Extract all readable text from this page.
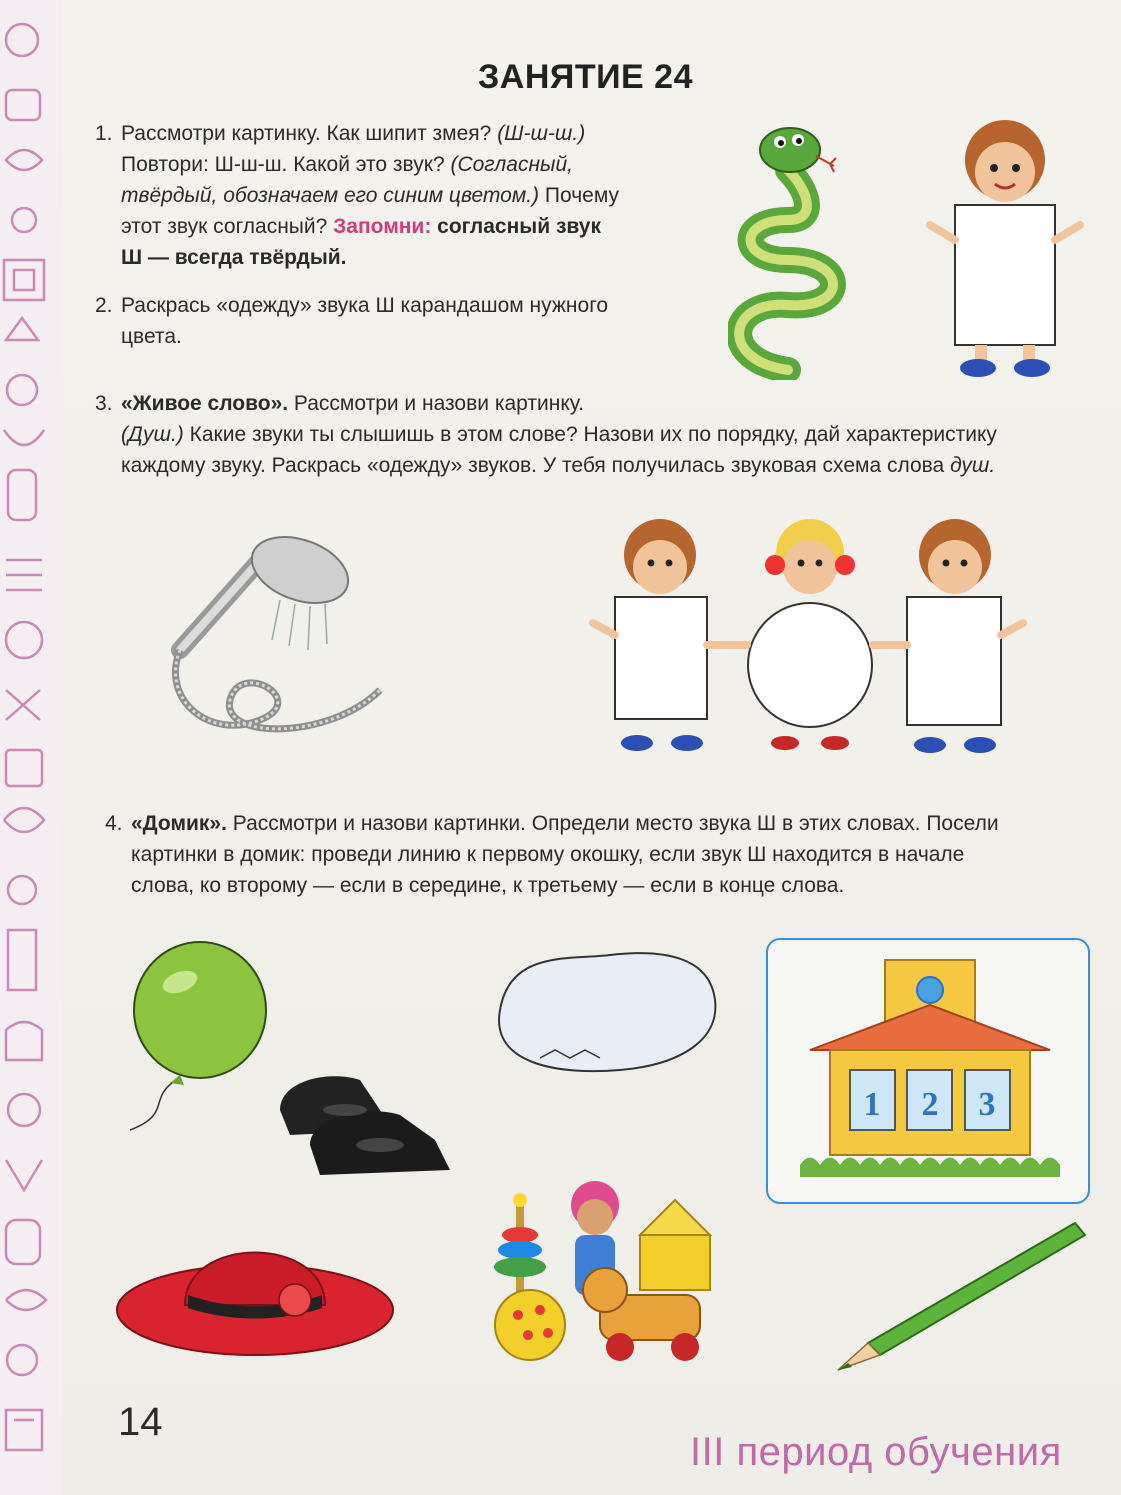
ЗАНЯТИЕ 24
1. Рассмотри картинку. Как шипит змея? (Ш-ш-ш.)
Повтори: Ш-ш-ш. Какой это звук? (Согласный,
твёрдый, обозначаем его синим цветом.) Почему
этот звук согласный? Запомни: согласный звук
Ш — всегда твёрдый.
2. Раскрась «одежду» звука Ш карандашом нужного
цвета.
3. «Живое слово». Рассмотри и назови картинку.
(Душ.) Какие звуки ты слышишь в этом слове? Назови их по порядку, дай характеристику
каждому звуку. Раскрась «одежду» звуков. У тебя получилась звуковая схема слова душ.
4. «Домик». Рассмотри и назови картинки. Определи место звука Ш в этих словах. Посели
картинки в домик: проведи линию к первому окошку, если звук Ш находится в начале
слова, ко второму — если в середине, к третьему — если в конце слова.
1 2 3
14
III период обучения
